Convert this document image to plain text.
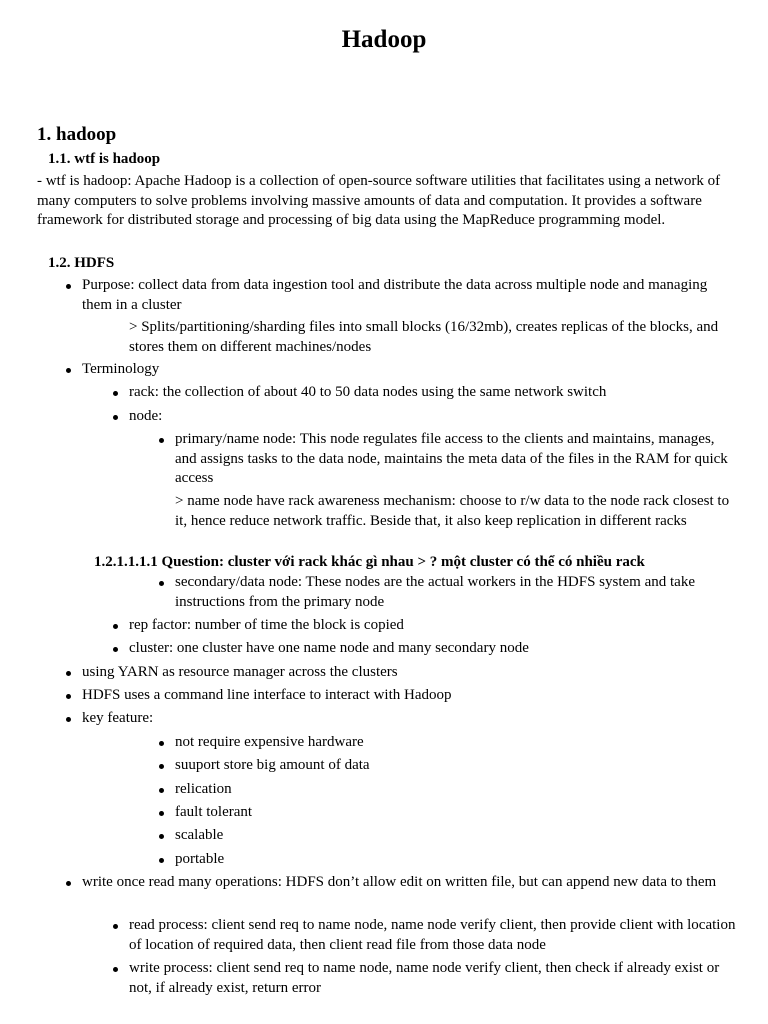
Hadoop
1. hadoop
1.1. wtf is hadoop

- wtf is hadoop: Apache Hadoop is a collection of open-source software utilities that facilitates using a network of many computers to solve problems involving massive amounts of data and computation. It provides a software framework for distributed storage and processing of big data using the MapReduce programming model.

1.2. HDFS
Purpose: collect data from data ingestion tool and distribute the data across multiple node and managing them in a cluster

> Splits/partitioning/sharding files into small blocks (16/32mb), creates replicas of the blocks, and stores them on different machines/nodes

Terminology
rack: the collection of about 40 to 50 data nodes using the same network switch
node:
primary/name node: This node regulates file access to the clients and maintains, manages, and assigns tasks to the data node, maintains the meta data of the files in the RAM for quick access

> name node have rack awareness mechanism: choose to r/w data to the node rack closest to it, hence reduce network traffic. Beside that, it also keep replication in different racks

1.2.1.1.1.1 Question: cluster với rack khác gì nhau > ? một cluster có thể có nhiều rack

secondary/data node: These nodes are the actual workers in the HDFS system and take instructions from the primary node
rep factor: number of time the block is copied
cluster: one cluster have one name node and many secondary node
using YARN as resource manager across the clusters
HDFS uses a command line interface to interact with Hadoop
key feature:
not require expensive hardware
suuport store big amount of data
relication
fault tolerant
scalable
portable
write once read many operations: HDFS don’t allow edit on written file, but can append new data to them
read process: client send req to name node, name node verify client, then provide client with location of location of required data, then client read file from those data node
write process: client send req to name node, name node verify client, then check if already exist or not, if already exist, return error
